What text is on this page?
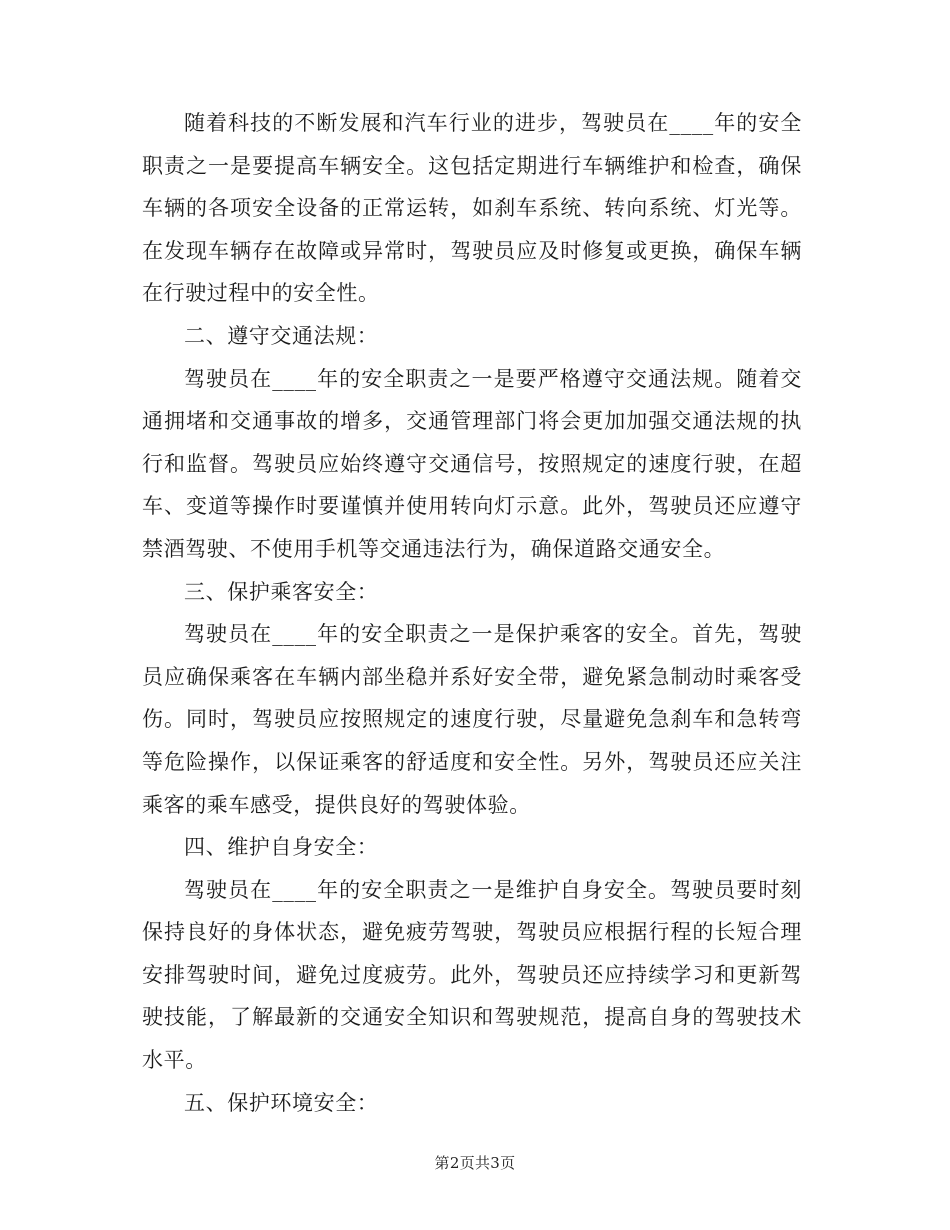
随着科技的不断发展和汽车行业的进步，驾驶员在____年的安全职责之一是要提高车辆安全。这包括定期进行车辆维护和检查，确保车辆的各项安全设备的正常运转，如刹车系统、转向系统、灯光等。在发现车辆存在故障或异常时，驾驶员应及时修复或更换，确保车辆在行驶过程中的安全性。

二、遵守交通法规：

驾驶员在____年的安全职责之一是要严格遵守交通法规。随着交通拥堵和交通事故的增多，交通管理部门将会更加加强交通法规的执行和监督。驾驶员应始终遵守交通信号，按照规定的速度行驶，在超车、变道等操作时要谨慎并使用转向灯示意。此外，驾驶员还应遵守禁酒驾驶、不使用手机等交通违法行为，确保道路交通安全。

三、保护乘客安全：

驾驶员在____年的安全职责之一是保护乘客的安全。首先，驾驶员应确保乘客在车辆内部坐稳并系好安全带，避免紧急制动时乘客受伤。同时，驾驶员应按照规定的速度行驶，尽量避免急刹车和急转弯等危险操作，以保证乘客的舒适度和安全性。另外，驾驶员还应关注乘客的乘车感受，提供良好的驾驶体验。

四、维护自身安全：

驾驶员在____年的安全职责之一是维护自身安全。驾驶员要时刻保持良好的身体状态，避免疲劳驾驶，驾驶员应根据行程的长短合理安排驾驶时间，避免过度疲劳。此外，驾驶员还应持续学习和更新驾驶技能，了解最新的交通安全知识和驾驶规范，提高自身的驾驶技术水平。

五、保护环境安全：

第2页共3页
